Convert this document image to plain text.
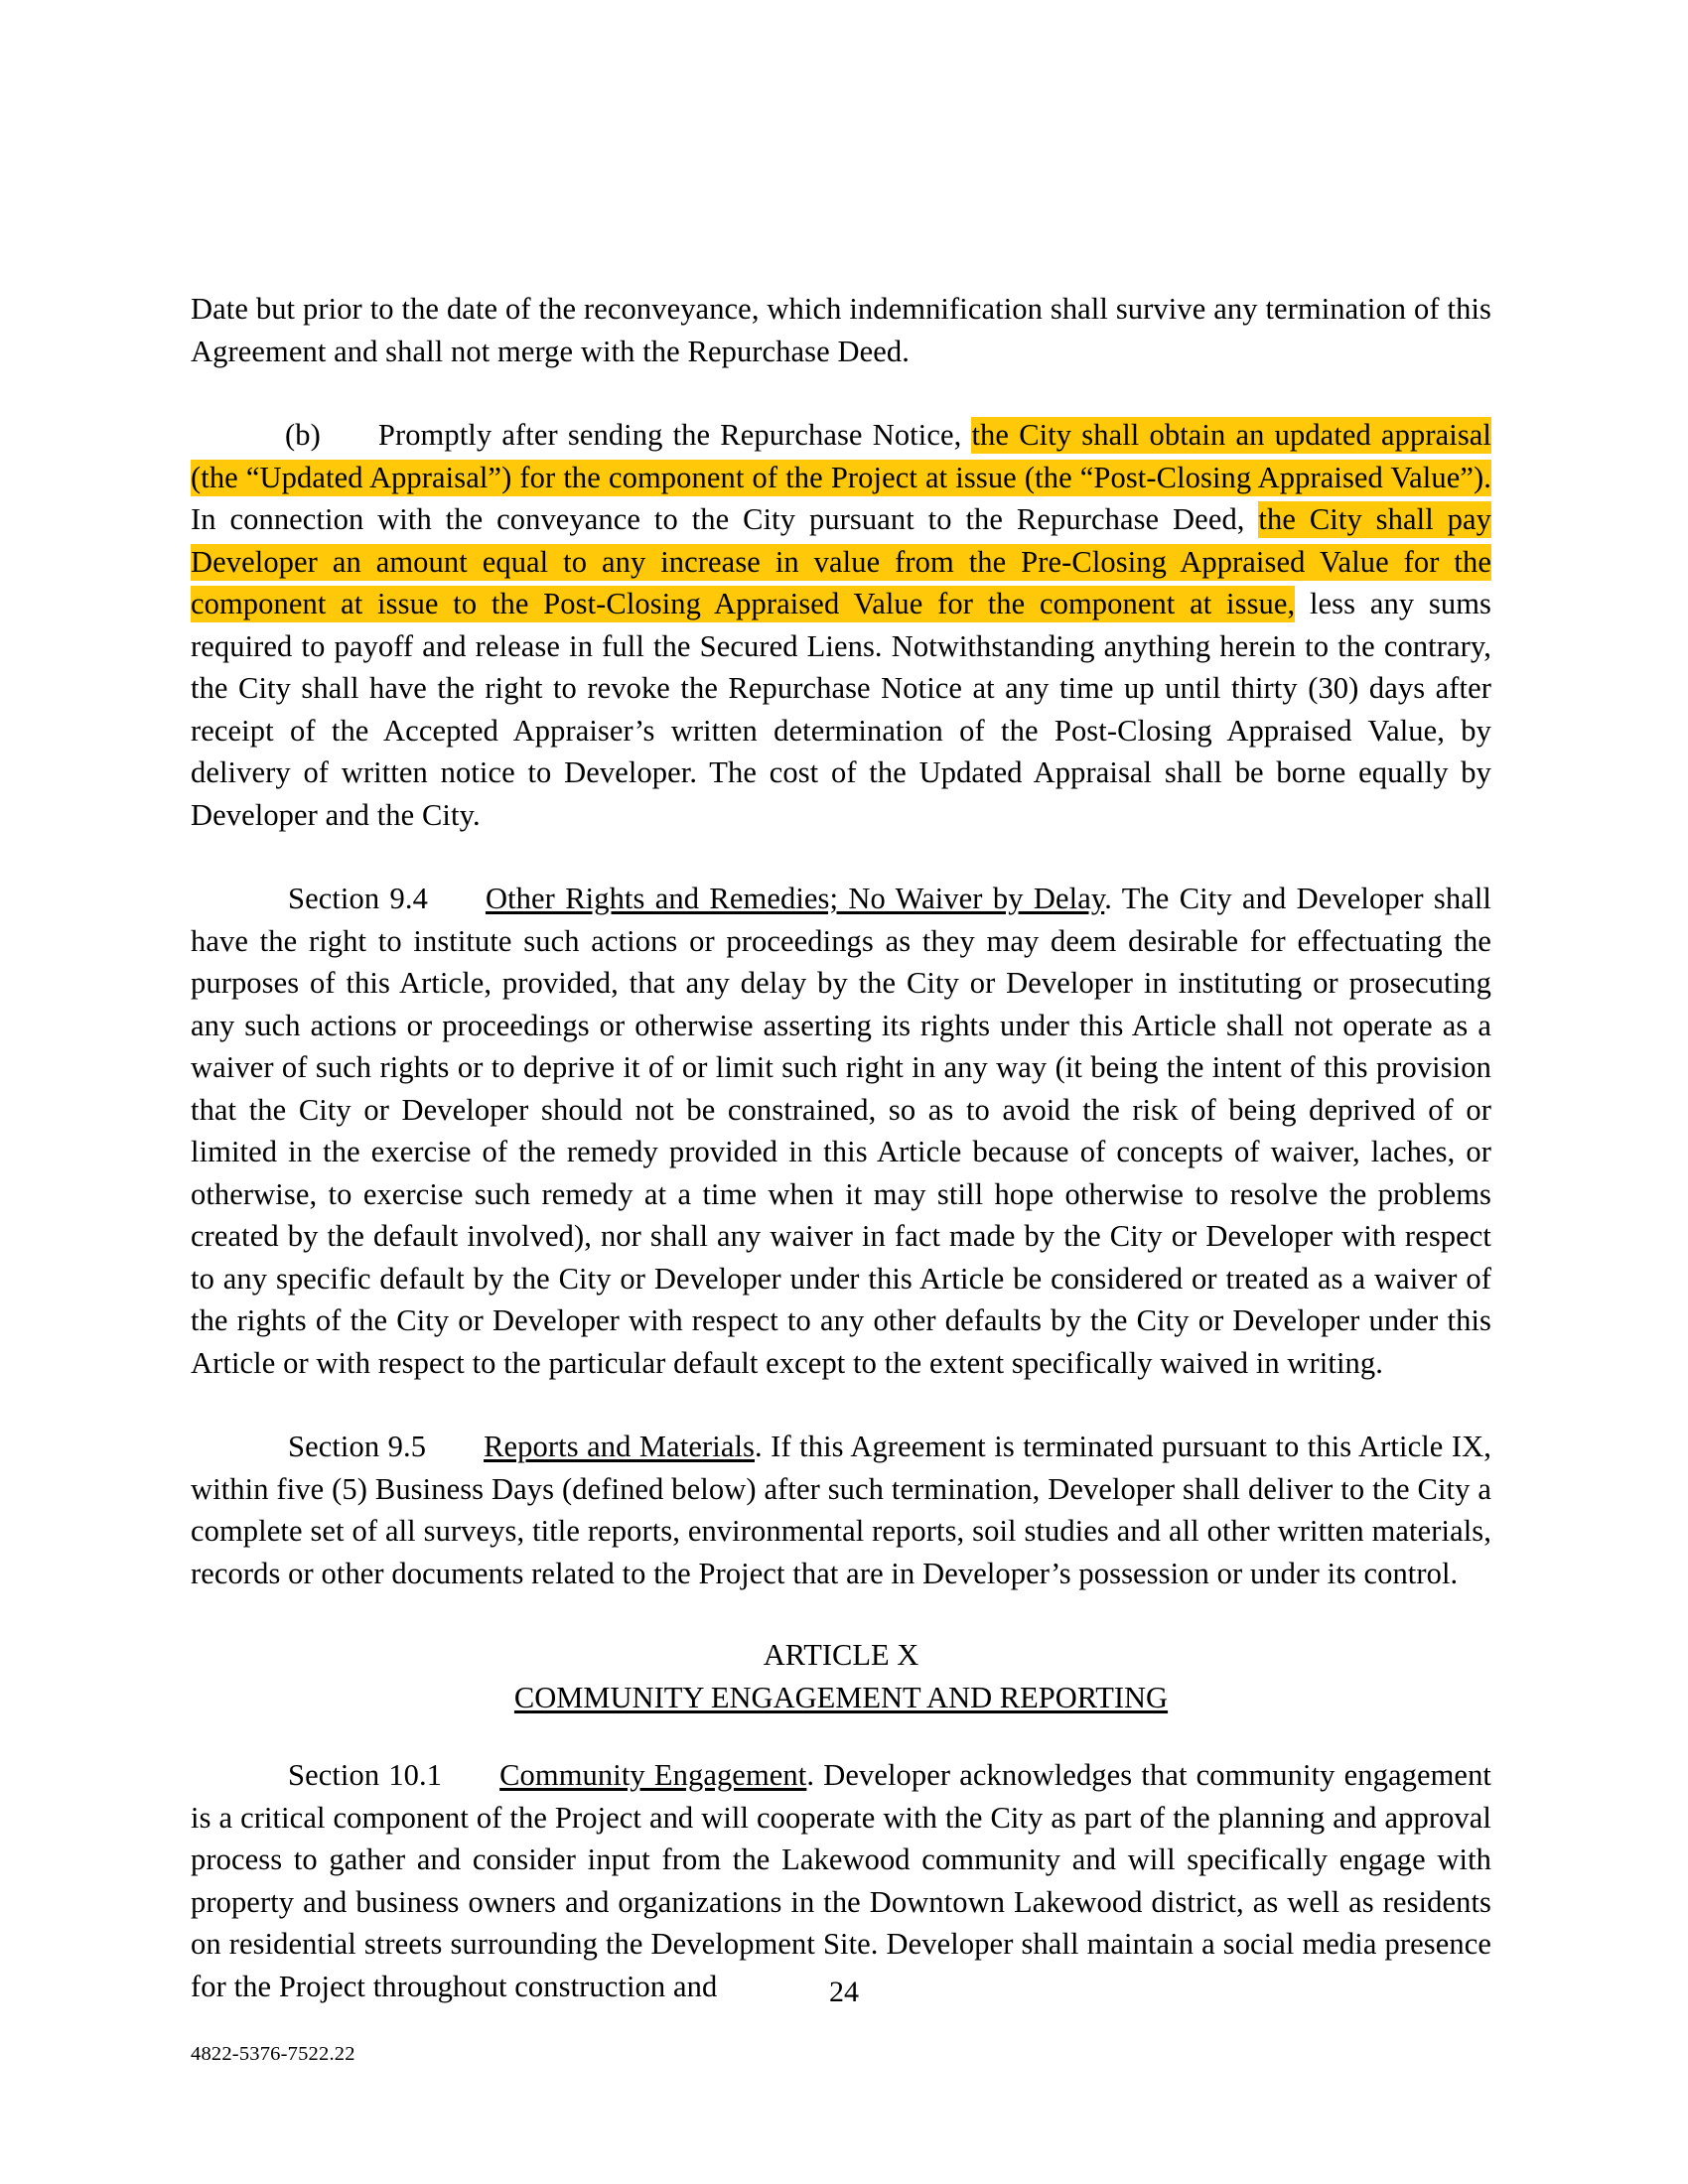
Date but prior to the date of the reconveyance, which indemnification shall survive any termination of this Agreement and shall not merge with the Repurchase Deed.

(b) Promptly after sending the Repurchase Notice, the City shall obtain an updated appraisal (the “Updated Appraisal”) for the component of the Project at issue (the “Post-Closing Appraised Value”). In connection with the conveyance to the City pursuant to the Repurchase Deed, the City shall pay Developer an amount equal to any increase in value from the Pre-Closing Appraised Value for the component at issue to the Post-Closing Appraised Value for the component at issue, less any sums required to payoff and release in full the Secured Liens. Notwithstanding anything herein to the contrary, the City shall have the right to revoke the Repurchase Notice at any time up until thirty (30) days after receipt of the Accepted Appraiser’s written determination of the Post-Closing Appraised Value, by delivery of written notice to Developer. The cost of the Updated Appraisal shall be borne equally by Developer and the City.

Section 9.4 Other Rights and Remedies; No Waiver by Delay. The City and Developer shall have the right to institute such actions or proceedings as they may deem desirable for effectuating the purposes of this Article, provided, that any delay by the City or Developer in instituting or prosecuting any such actions or proceedings or otherwise asserting its rights under this Article shall not operate as a waiver of such rights or to deprive it of or limit such right in any way (it being the intent of this provision that the City or Developer should not be constrained, so as to avoid the risk of being deprived of or limited in the exercise of the remedy provided in this Article because of concepts of waiver, laches, or otherwise, to exercise such remedy at a time when it may still hope otherwise to resolve the problems created by the default involved), nor shall any waiver in fact made by the City or Developer with respect to any specific default by the City or Developer under this Article be considered or treated as a waiver of the rights of the City or Developer with respect to any other defaults by the City or Developer under this Article or with respect to the particular default except to the extent specifically waived in writing.

Section 9.5 Reports and Materials. If this Agreement is terminated pursuant to this Article IX, within five (5) Business Days (defined below) after such termination, Developer shall deliver to the City a complete set of all surveys, title reports, environmental reports, soil studies and all other written materials, records or other documents related to the Project that are in Developer’s possession or under its control.

ARTICLE X
COMMUNITY ENGAGEMENT AND REPORTING

Section 10.1 Community Engagement. Developer acknowledges that community engagement is a critical component of the Project and will cooperate with the City as part of the planning and approval process to gather and consider input from the Lakewood community and will specifically engage with property and business owners and organizations in the Downtown Lakewood district, as well as residents on residential streets surrounding the Development Site. Developer shall maintain a social media presence for the Project throughout construction and	24
4822-5376-7522.22
